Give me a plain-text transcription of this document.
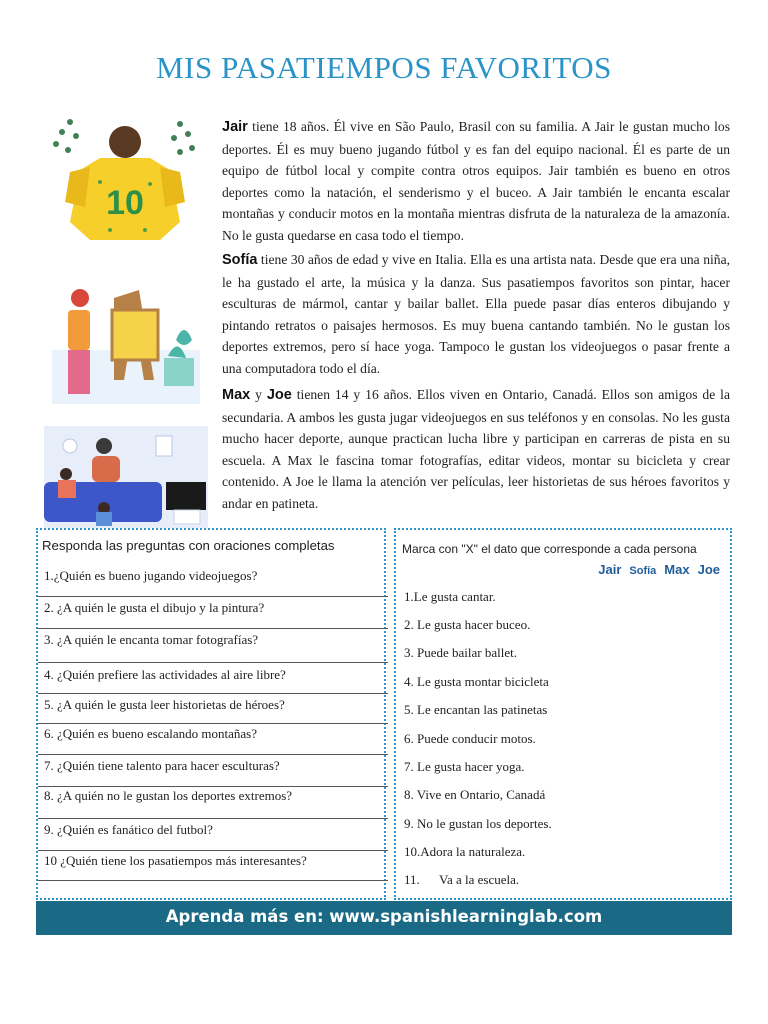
MIS PASATIEMPOS FAVORITOS
10
Jair tiene 18 años. Él vive en São Paulo, Brasil con su familia. A Jair le gustan mucho los deportes. Él es muy bueno jugando fútbol y es fan del equipo nacional. Él es parte de un equipo de fútbol local y compite contra otros equipos. Jair también es bueno en otros deportes como la natación, el senderismo y el buceo. A Jair también le encanta escalar montañas y conducir motos en la montaña mientras disfruta de la naturaleza de la amazonía. No le gusta quedarse en casa todo el tiempo.
Sofía tiene 30 años de edad y vive en Italia. Ella es una artista nata. Desde que era una niña, le ha gustado el arte, la música y la danza. Sus pasatiempos favoritos son pintar, hacer esculturas de mármol, cantar y bailar ballet. Ella puede pasar días enteros dibujando y pintando retratos o paisajes hermosos. Es muy buena cantando también. No le gustan los deportes extremos, pero sí hace yoga. Tampoco le gustan los videojuegos o pasar frente a una computadora todo el día.
Max y Joe tienen 14 y 16 años. Ellos viven en Ontario, Canadá. Ellos son amigos de la secundaria. A ambos les gusta jugar videojuegos en sus teléfonos y en consolas. No les gusta mucho hacer deporte, aunque practican lucha libre y participan en carreras de pista en su escuela. A Max le fascina tomar fotografías, editar videos, montar su bicicleta y crear contenido. A Joe le llama la atención ver películas, leer historietas de sus héroes favoritos y andar en patineta.
Responda las preguntas con oraciones completas
1.¿Quién es bueno jugando videojuegos?
2. ¿A quién le gusta el dibujo y la pintura?
3. ¿A quién le encanta tomar fotografías?
4. ¿Quién prefiere las actividades al aire libre?
5. ¿A quién le gusta leer historietas de héroes?
6. ¿Quién es bueno escalando montañas?
7. ¿Quién tiene talento para hacer esculturas?
8. ¿A quién no le gustan los deportes extremos?
9. ¿Quién es fanático del futbol?
10 ¿Quién tiene los pasatiempos más interesantes?
Marca con "X" el dato que corresponde a cada persona
Jair Sofía Max Joe
1.Le gusta cantar.
2. Le gusta hacer buceo.
3. Puede bailar ballet.
4. Le gusta montar bicicleta
5. Le encantan las patinetas
6. Puede conducir motos.
7. Le gusta hacer yoga.
8. Vive en Ontario, Canadá
9. No le gustan los deportes.
10.Adora la naturaleza.
11.      Va a la escuela.
Aprenda más en: www.spanishlearninglab.com
